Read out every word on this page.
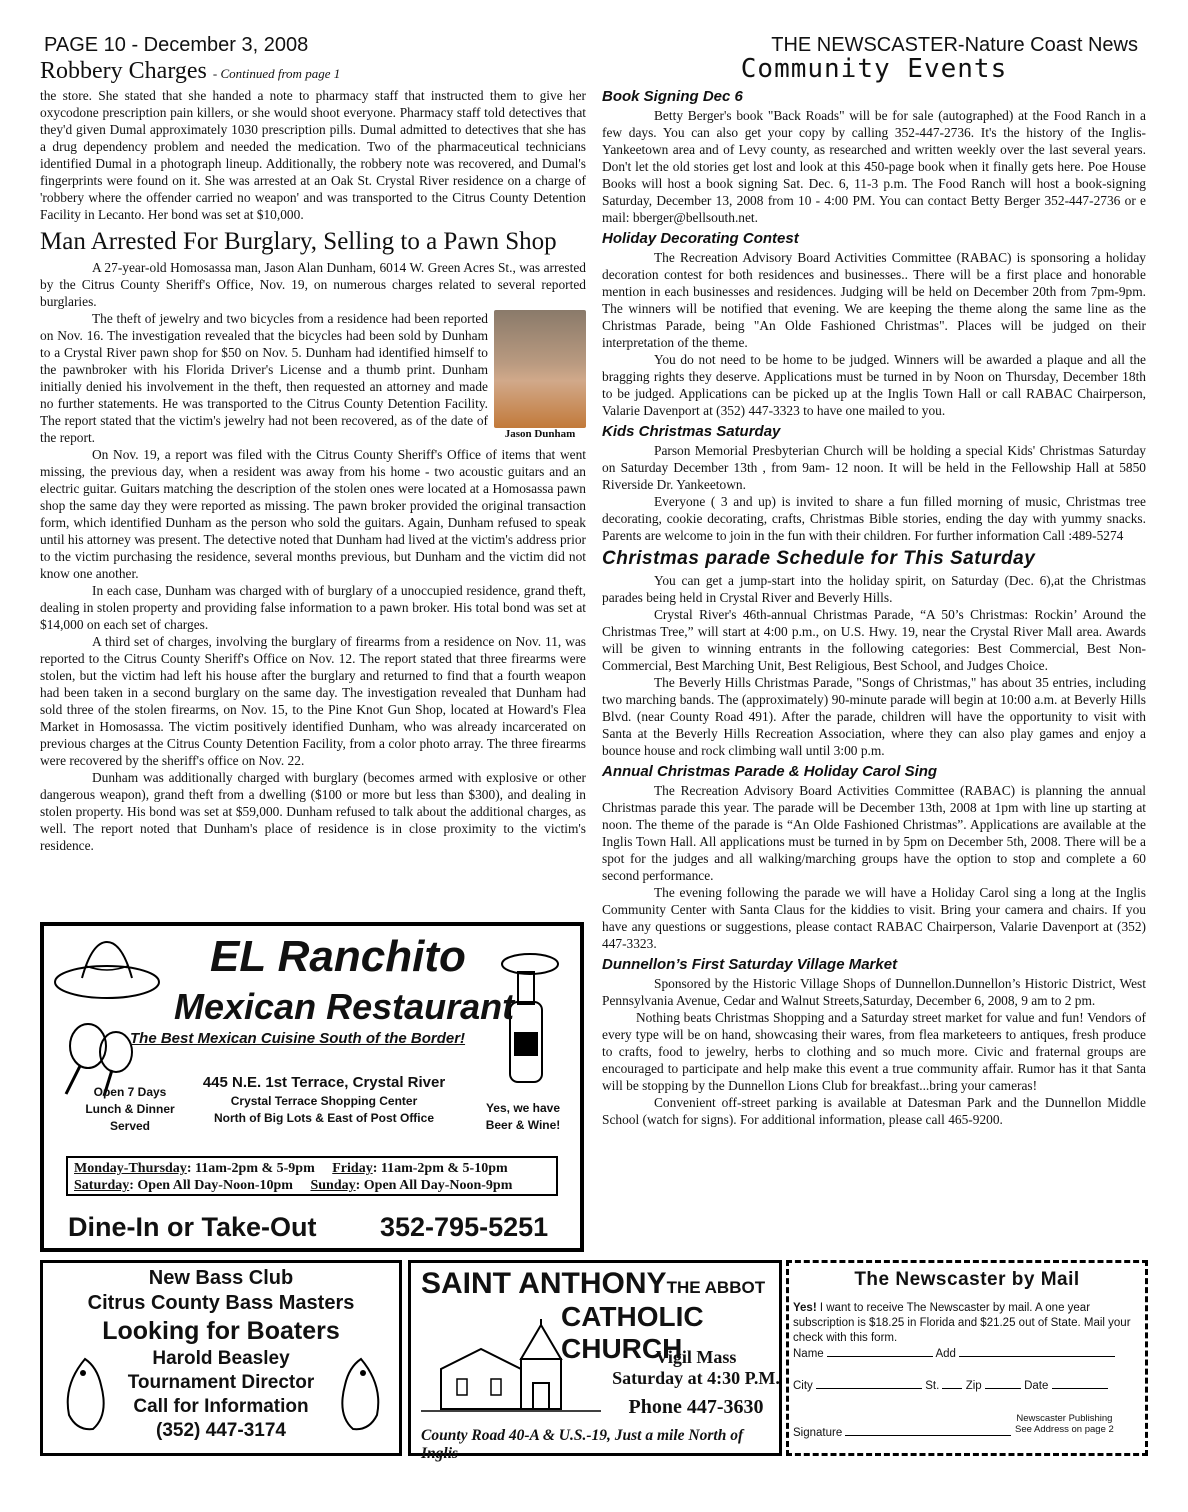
PAGE 10 - December 3, 2008	THE NEWSCASTER-Nature Coast News
Robbery Charges - Continued from page 1

the store. She stated that she handed a note to pharmacy staff that instructed them to give her oxycodone prescription pain killers, or she would shoot everyone. Pharmacy staff told detectives that they'd given Dumal approximately 1030 prescription pills. Dumal admitted to detectives that she has a drug dependency problem and needed the medication. Two of the pharmaceutical technicians identified Dumal in a photograph lineup. Additionally, the robbery note was recovered, and Dumal's fingerprints were found on it. She was arrested at an Oak St. Crystal River residence on a charge of 'robbery where the offender carried no weapon' and was transported to the Citrus County Detention Facility in Lecanto. Her bond was set at $10,000.

Man Arrested For Burglary, Selling to a Pawn Shop

A 27-year-old Homosassa man, Jason Alan Dunham, 6014 W. Green Acres St., was arrested by the Citrus County Sheriff's Office, Nov. 19, on numerous charges related to several reported burglaries.

Jason Dunham

The theft of jewelry and two bicycles from a residence had been reported on Nov. 16. The investigation revealed that the bicycles had been sold by Dunham to a Crystal River pawn shop for $50 on Nov. 5. Dunham had identified himself to the pawnbroker with his Florida Driver's License and a thumb print. Dunham initially denied his involvement in the theft, then requested an attorney and made no further statements. He was transported to the Citrus County Detention Facility. The report stated that the victim's jewelry had not been recovered, as of the date of the report.

On Nov. 19, a report was filed with the Citrus County Sheriff's Office of items that went missing, the previous day, when a resident was away from his home - two acoustic guitars and an electric guitar. Guitars matching the description of the stolen ones were located at a Homosassa pawn shop the same day they were reported as missing. The pawn broker provided the original transaction form, which identified Dunham as the person who sold the guitars. Again, Dunham refused to speak until his attorney was present. The detective noted that Dunham had lived at the victim's address prior to the victim purchasing the residence, several months previous, but Dunham and the victim did not know one another.

In each case, Dunham was charged with of burglary of a unoccupied residence, grand theft, dealing in stolen property and providing false information to a pawn broker. His total bond was set at $14,000 on each set of charges.

A third set of charges, involving the burglary of firearms from a residence on Nov. 11, was reported to the Citrus County Sheriff's Office on Nov. 12. The report stated that three firearms were stolen, but the victim had left his house after the burglary and returned to find that a fourth weapon had been taken in a second burglary on the same day. The investigation revealed that Dunham had sold three of the stolen firearms, on Nov. 15, to the Pine Knot Gun Shop, located at Howard's Flea Market in Homosassa. The victim positively identified Dunham, who was already incarcerated on previous charges at the Citrus County Detention Facility, from a color photo array. The three firearms were recovered by the sheriff's office on Nov. 22.

Dunham was additionally charged with burglary (becomes armed with explosive or other dangerous weapon), grand theft from a dwelling ($100 or more but less than $300), and dealing in stolen property. His bond was set at $59,000. Dunham refused to talk about the additional charges, as well. The report noted that Dunham's place of residence is in close proximity to the victim's residence.

Community Events
Book Signing Dec 6

Betty Berger's book "Back Roads" will be for sale (autographed) at the Food Ranch in a few days. You can also get your copy by calling 352-447-2736. It's the history of the Inglis-Yankeetown area and of Levy county, as researched and written weekly over the last several years. Don't let the old stories get lost and look at this 450-page book when it finally gets here. Poe House Books will host a book signing Sat. Dec. 6, 11-3 p.m. The Food Ranch will host a book-signing Saturday, December 13, 2008 from 10 - 4:00 PM. You can contact Betty Berger 352-447-2736 or e mail: bberger@bellsouth.net.

Holiday Decorating Contest

The Recreation Advisory Board Activities Committee (RABAC) is sponsoring a holiday decoration contest for both residences and businesses.. There will be a first place and honorable mention in each businesses and residences. Judging will be held on December 20th from 7pm-9pm. The winners will be notified that evening. We are keeping the theme along the same line as the Christmas Parade, being "An Olde Fashioned Christmas". Places will be judged on their interpretation of the theme.

You do not need to be home to be judged. Winners will be awarded a plaque and all the bragging rights they deserve. Applications must be turned in by Noon on Thursday, December 18th to be judged. Applications can be picked up at the Inglis Town Hall or call RABAC Chairperson, Valarie Davenport at (352) 447-3323 to have one mailed to you.

Kids Christmas Saturday

Parson Memorial Presbyterian Church will be holding a special Kids' Christmas Saturday on Saturday December 13th , from 9am- 12 noon. It will be held in the Fellowship Hall at 5850 Riverside Dr. Yankeetown.

Everyone ( 3 and up) is invited to share a fun filled morning of music, Christmas tree decorating, cookie decorating, crafts, Christmas Bible stories, ending the day with yummy snacks. Parents are welcome to join in the fun with their children. For further information Call :489-5274

Christmas parade Schedule for This Saturday

You can get a jump-start into the holiday spirit, on Saturday (Dec. 6),at the Christmas parades being held in Crystal River and Beverly Hills.

Crystal River's 46th-annual Christmas Parade, “A 50’s Christmas: Rockin’ Around the Christmas Tree,” will start at 4:00 p.m., on U.S. Hwy. 19, near the Crystal River Mall area. Awards will be given to winning entrants in the following categories: Best Commercial, Best Non-Commercial, Best Marching Unit, Best Religious, Best School, and Judges Choice.

The Beverly Hills Christmas Parade, "Songs of Christmas," has about 35 entries, including two marching bands. The (approximately) 90-minute parade will begin at 10:00 a.m. at Beverly Hills Blvd. (near County Road 491). After the parade, children will have the opportunity to visit with Santa at the Beverly Hills Recreation Association, where they can also play games and enjoy a bounce house and rock climbing wall until 3:00 p.m.

Annual Christmas Parade & Holiday Carol Sing

The Recreation Advisory Board Activities Committee (RABAC) is planning the annual Christmas parade this year. The parade will be December 13th, 2008 at 1pm with line up starting at noon. The theme of the parade is “An Olde Fashioned Christmas”. Applications are available at the Inglis Town Hall. All applications must be turned in by 5pm on December 5th, 2008. There will be a spot for the judges and all walking/marching groups have the option to stop and complete a 60 second performance.

The evening following the parade we will have a Holiday Carol sing a long at the Inglis Community Center with Santa Claus for the kiddies to visit. Bring your camera and chairs. If you have any questions or suggestions, please contact RABAC Chairperson, Valarie Davenport at (352) 447-3323.

Dunnellon’s First Saturday Village Market

Sponsored by the Historic Village Shops of Dunnellon.Dunnellon’s Historic District, West Pennsylvania Avenue, Cedar and Walnut Streets,Saturday, December 6, 2008, 9 am to 2 pm.

Nothing beats Christmas Shopping and a Saturday street market for value and fun! Vendors of every type will be on hand, showcasing their wares, from flea marketeers to antiques, fresh produce to crafts, food to jewelry, herbs to clothing and so much more. Civic and fraternal groups are encouraged to participate and help make this event a true community affair. Rumor has it that Santa will be stopping by the Dunnellon Lions Club for breakfast...bring your cameras!

Convenient off-street parking is available at Datesman Park and the Dunnellon Middle School (watch for signs). For additional information, please call 465-9200.

EL Ranchito
Mexican Restaurant
The Best Mexican Cuisine South of the Border!
Open 7 Days
Lunch & Dinner
Served
445 N.E. 1st Terrace, Crystal River
Crystal Terrace Shopping Center
North of Big Lots & East of Post Office
Yes, we have
Beer & Wine!
Monday-Thursday: 11am-2pm & 5-9pm Friday: 11am-2pm & 5-10pm
Saturday: Open All Day-Noon-10pm Sunday: Open All Day-Noon-9pm
Dine-In or Take-Out 352-795-5251
New Bass Club
Citrus County Bass Masters
Looking for Boaters
Harold Beasley
Tournament Director
Call for Information
(352) 447-3174
SAINT ANTHONYTHE ABBOT
CATHOLIC CHURCH
Vigil Mass
Saturday at 4:30 P.M.
Phone 447-3630
County Road 40-A & U.S.-19, Just a mile North of Inglis
The Newscaster by Mail
Yes! I want to receive The Newscaster by mail. A one year subscription is $18.25 in Florida and $21.25 out of State. Mail your check with this form.
Name	Add
City	St. Zip	Date
Newscaster Publishing
See Address on page 2
Signature
